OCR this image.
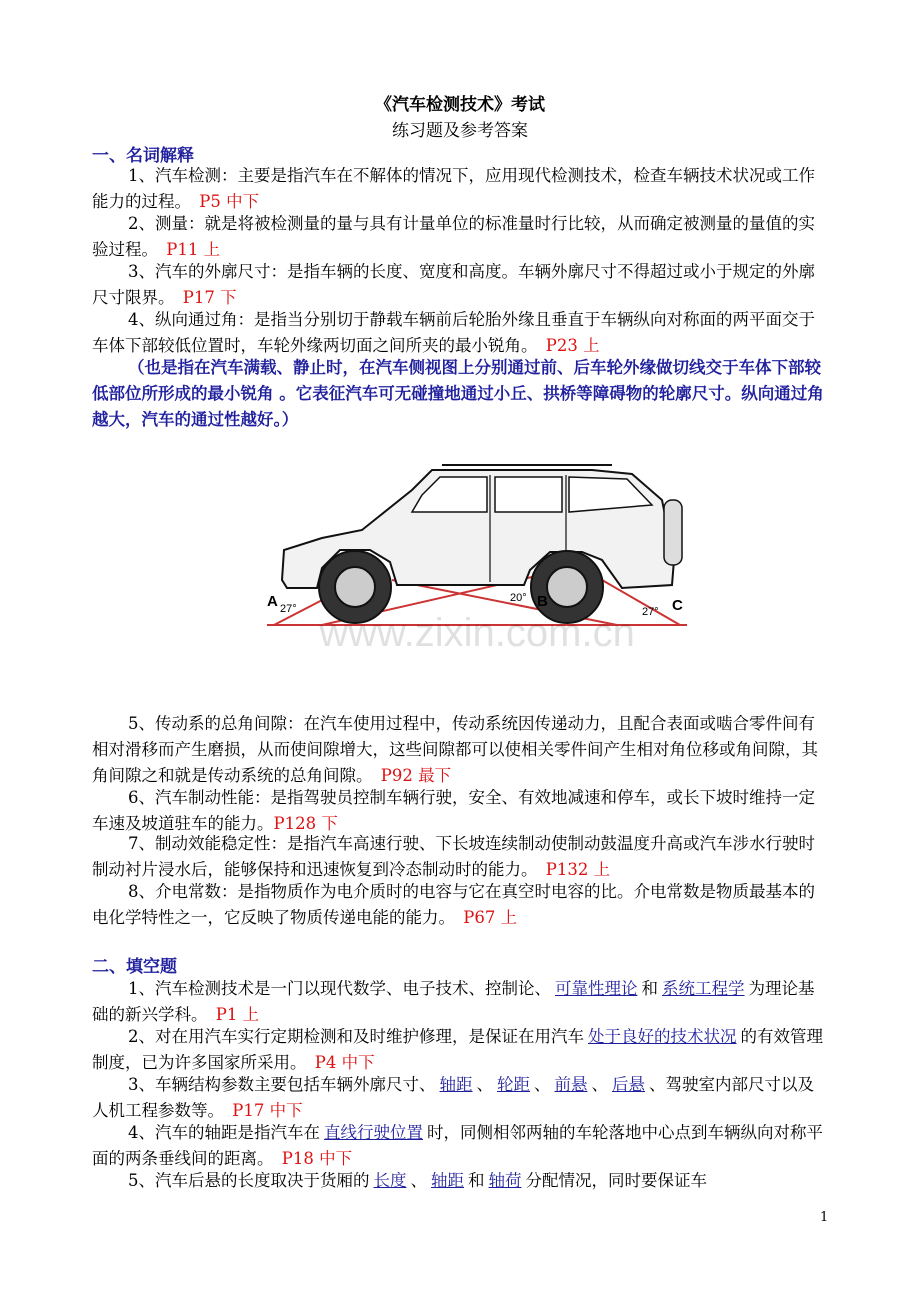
《汽车检测技术》考试
练习题及参考答案
一、名词解释
1、汽车检测：主要是指汽车在不解体的情况下，应用现代检测技术，检查车辆技术状况或工作能力的过程。　 P5 中下
2、测量：就是将被检测量的量与具有计量单位的标准量时行比较，从而确定被测量的量值的实验过程。　 P11 上
3、汽车的外廓尺寸：是指车辆的长度、宽度和高度。车辆外廓尺寸不得超过或小于规定的外廓尺寸限界。　 P17 下
4、纵向通过角：是指当分别切于静载车辆前后轮胎外缘且垂直于车辆纵向对称面的两平面交于车体下部较低位置时，车轮外缘两切面之间所夹的最小锐角。　 P23 上
（也是指在汽车满载、静止时，在汽车侧视图上分别通过前、后车轮外缘做切线交于车体下部较低部位所形成的最小锐角 。它表征汽车可无碰撞地通过小丘、拱桥等障碍物的轮廓尺寸。纵向通过角越大，汽车的通过性越好。）
A 27°
20° B
27° C
www.zixin.com.cn
5、传动系的总角间隙：在汽车使用过程中，传动系统因传递动力，且配合表面或啮合零件间有相对滑移而产生磨损，从而使间隙增大，这些间隙都可以使相关零件间产生相对角位移或角间隙，其角间隙之和就是传动系统的总角间隙。　 P92 最下
6、汽车制动性能：是指驾驶员控制车辆行驶，安全、有效地减速和停车，或长下坡时维持一定车速及坡道驻车的能力。P128 下
7、制动效能稳定性：是指汽车高速行驶、下长坡连续制动使制动鼓温度升高或汽车涉水行驶时制动衬片浸水后，能够保持和迅速恢复到冷态制动时的能力。　 P132 上
8、介电常数：是指物质作为电介质时的电容与它在真空时电容的比。介电常数是物质最基本的电化学特性之一，它反映了物质传递电能的能力。　 P67 上
二、填空题
1、汽车检测技术是一门以现代数学、电子技术、控制论、 可靠性理论 和 系统工程学 为理论基础的新兴学科。　 P1 上
2、对在用汽车实行定期检测和及时维护修理，是保证在用汽车 处于良好的技术状况 的有效管理制度，已为许多国家所采用。　 P4 中下
3、车辆结构参数主要包括车辆外廓尺寸、 轴距 、 轮距 、 前悬 、 后悬 、驾驶室内部尺寸以及人机工程参数等。　 P17 中下
4、汽车的轴距是指汽车在 直线行驶位置 时，同侧相邻两轴的车轮落地中心点到车辆纵向对称平面的两条垂线间的距离。　 P18 中下
5、汽车后悬的长度取决于货厢的 长度 、 轴距 和 轴荷 分配情况，同时要保证车
1
